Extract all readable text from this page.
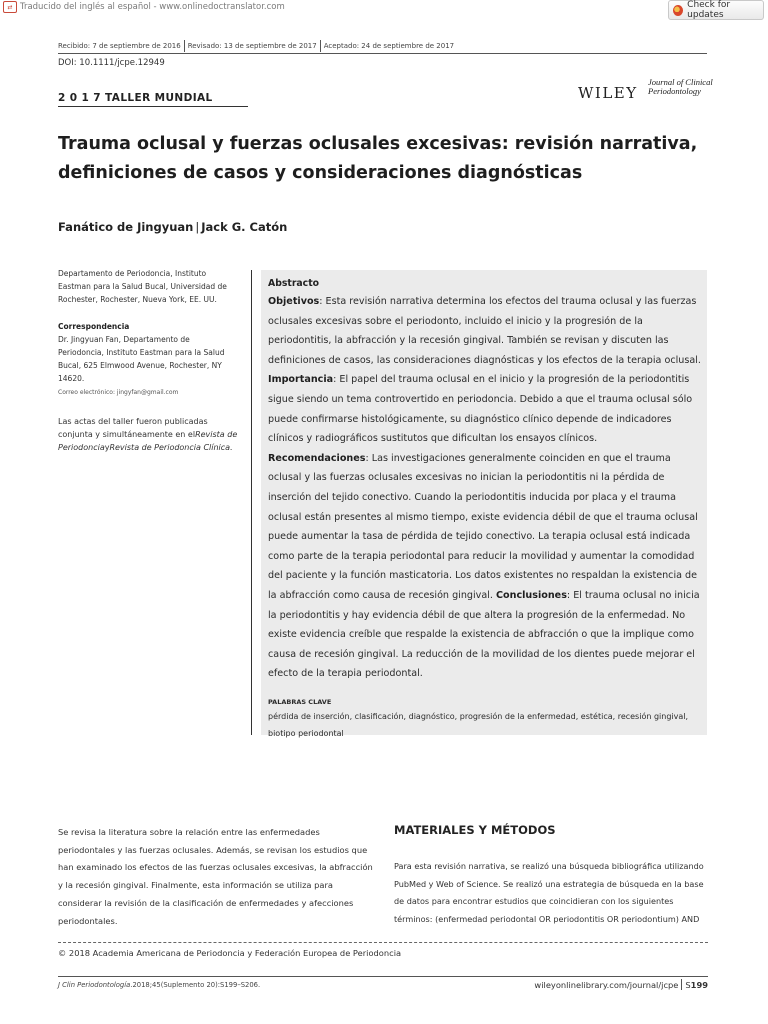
⇄ Traducido del inglés al español - www.onlinedoctranslator.com	Check for updates
Recibido: 7 de septiembre de 2016 Revisado: 13 de septiembre de 2017 Aceptado: 24 de septiembre de 2017
DOI: 10.1111/jcpe.12949
2 0 1 7 TALLER MUNDIAL	WILEY
Journal of Clinical
Periodontology
Trauma oclusal y fuerzas oclusales excesivas: revisión narrativa, definiciones de casos y consideraciones diagnósticas
Fanático de Jingyuan | Jack G. Catón
Departamento de Periodoncia, Instituto Eastman para la Salud Bucal, Universidad de Rochester, Rochester, Nueva York, EE. UU.
Correspondencia
Dr. Jingyuan Fan, Departamento de Periodoncia, Instituto Eastman para la Salud Bucal, 625 Elmwood Avenue, Rochester, NY 14620.
Correo electrónico: jingyfan@gmail.com
Las actas del taller fueron publicadas conjunta y simultáneamente en elRevista de PeriodonciayRevista de Periodoncia Clínica.
Abstracto
Objetivos: Esta revisión narrativa determina los efectos del trauma oclusal y las fuerzas oclusales excesivas sobre el periodonto, incluido el inicio y la progresión de la periodontitis, la abfracción y la recesión gingival. También se revisan y discuten las definiciones de casos, las consideraciones diagnósticas y los efectos de la terapia oclusal.
Importancia: El papel del trauma oclusal en el inicio y la progresión de la periodontitis sigue siendo un tema controvertido en periodoncia. Debido a que el trauma oclusal sólo puede confirmarse histológicamente, su diagnóstico clínico depende de indicadores clínicos y radiográficos sustitutos que dificultan los ensayos clínicos.
Recomendaciones: Las investigaciones generalmente coinciden en que el trauma oclusal y las fuerzas oclusales excesivas no inician la periodontitis ni la pérdida de inserción del tejido conectivo. Cuando la periodontitis inducida por placa y el trauma oclusal están presentes al mismo tiempo, existe evidencia débil de que el trauma oclusal puede aumentar la tasa de pérdida de tejido conectivo. La terapia oclusal está indicada como parte de la terapia periodontal para reducir la movilidad y aumentar la comodidad del paciente y la función masticatoria. Los datos existentes no respaldan la existencia de la abfracción como causa de recesión gingival. Conclusiones: El trauma oclusal no inicia la periodontitis y hay evidencia débil de que altera la progresión de la enfermedad. No existe evidencia creíble que respalde la existencia de abfracción o que la implique como causa de recesión gingival. La reducción de la movilidad de los dientes puede mejorar el efecto de la terapia periodontal.
PALABRAS CLAVE
pérdida de inserción, clasificación, diagnóstico, progresión de la enfermedad, estética, recesión gingival, biotipo periodontal
Se revisa la literatura sobre la relación entre las enfermedades periodontales y las fuerzas oclusales. Además, se revisan los estudios que han examinado los efectos de las fuerzas oclusales excesivas, la abfracción y la recesión gingival. Finalmente, esta información se utiliza para considerar la revisión de la clasificación de enfermedades y afecciones periodontales.
MATERIALES Y MÉTODOS
Para esta revisión narrativa, se realizó una búsqueda bibliográfica utilizando PubMed y Web of Science. Se realizó una estrategia de búsqueda en la base de datos para encontrar estudios que coincidieran con los siguientes términos: (enfermedad periodontal OR periodontitis OR periodontium) AND
© 2018 Academia Americana de Periodoncia y Federación Europea de Periodoncia
J Clin Periodontología.2018;45(Suplemento 20):S199–S206.	wileyonlinelibrary.com/journal/jcpe S 199
